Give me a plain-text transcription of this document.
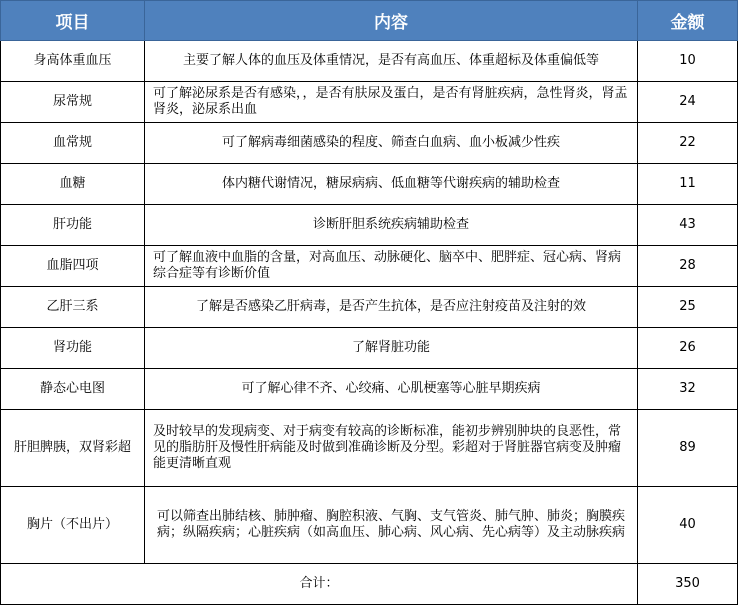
项目	内容	金额
身高体重血压	主要了解人体的血压及体重情况，是否有高血压、体重超标及体重偏低等	10
尿常规	可了解泌尿系是否有感染，，是否有肤尿及蛋白，是否有肾脏疾病，急性肾炎，肾盂肾炎，泌尿系出血	24
血常规	可了解病毒细菌感染的程度、筛查白血病、血小板减少性疾	22
血糖	体内糖代谢情况，糖尿病病、低血糖等代谢疾病的辅助检查	11
肝功能	诊断肝胆系统疾病辅助检查	43
血脂四项	可了解血液中血脂的含量，对高血压、动脉硬化、脑卒中、肥胖症、冠心病、肾病综合症等有诊断价值	28
乙肝三系	了解是否感染乙肝病毒，是否产生抗体，是否应注射疫苗及注射的效	25
肾功能	了解肾脏功能	26
静态心电图	可了解心律不齐、心绞痛、心肌梗塞等心脏早期疾病	32
肝胆脾胰，双肾彩超	及时较早的发现病变、对于病变有较高的诊断标准，能初步辨别肿块的良恶性，常见的脂肪肝及慢性肝病能及时做到准确诊断及分型。彩超对于肾脏器官病变及肿瘤能更清晰直观	89
胸片（不出片）	可以筛查出肺结核、肺肿瘤、胸腔积液、气胸、支气管炎、肺气肿、肺炎；胸膜疾病；纵隔疾病；心脏疾病（如高血压、肺心病、风心病、先心病等）及主动脉疾病	40
合计：		350
